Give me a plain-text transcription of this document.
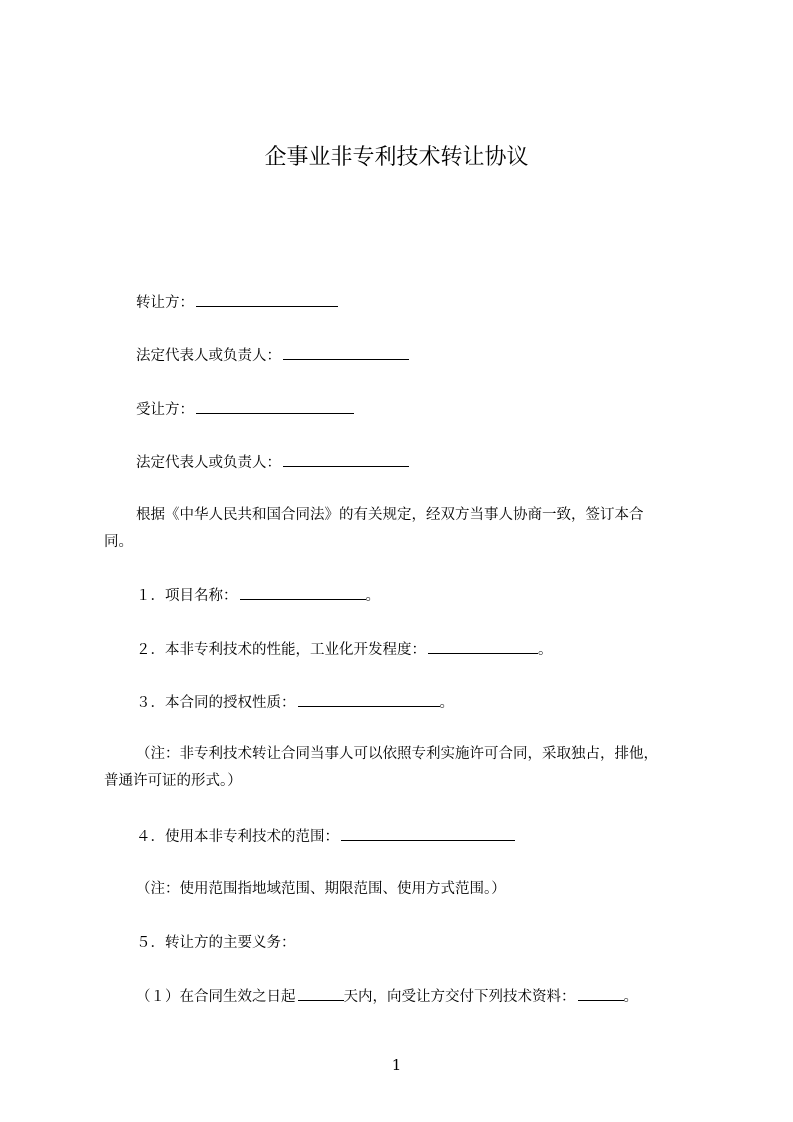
企事业非专利技术转让协议
转让方：
法定代表人或负责人：
受让方：
法定代表人或负责人：
根据《中华人民共和国合同法》的有关规定，经双方当事人协商一致，签订本合
同。
１．项目名称：	。
２．本非专利技术的性能，工业化开发程度：	。
３．本合同的授权性质：	。
（注：非专利技术转让合同当事人可以依照专利实施许可合同，采取独占，排他，
普通许可证的形式。）
４．使用本非专利技术的范围：
（注：使用范围指地域范围、期限范围、使用方式范围。）
５．转让方的主要义务：
（１）在合同生效之日起	天内，向受让方交付下列技术资料：	。
1
